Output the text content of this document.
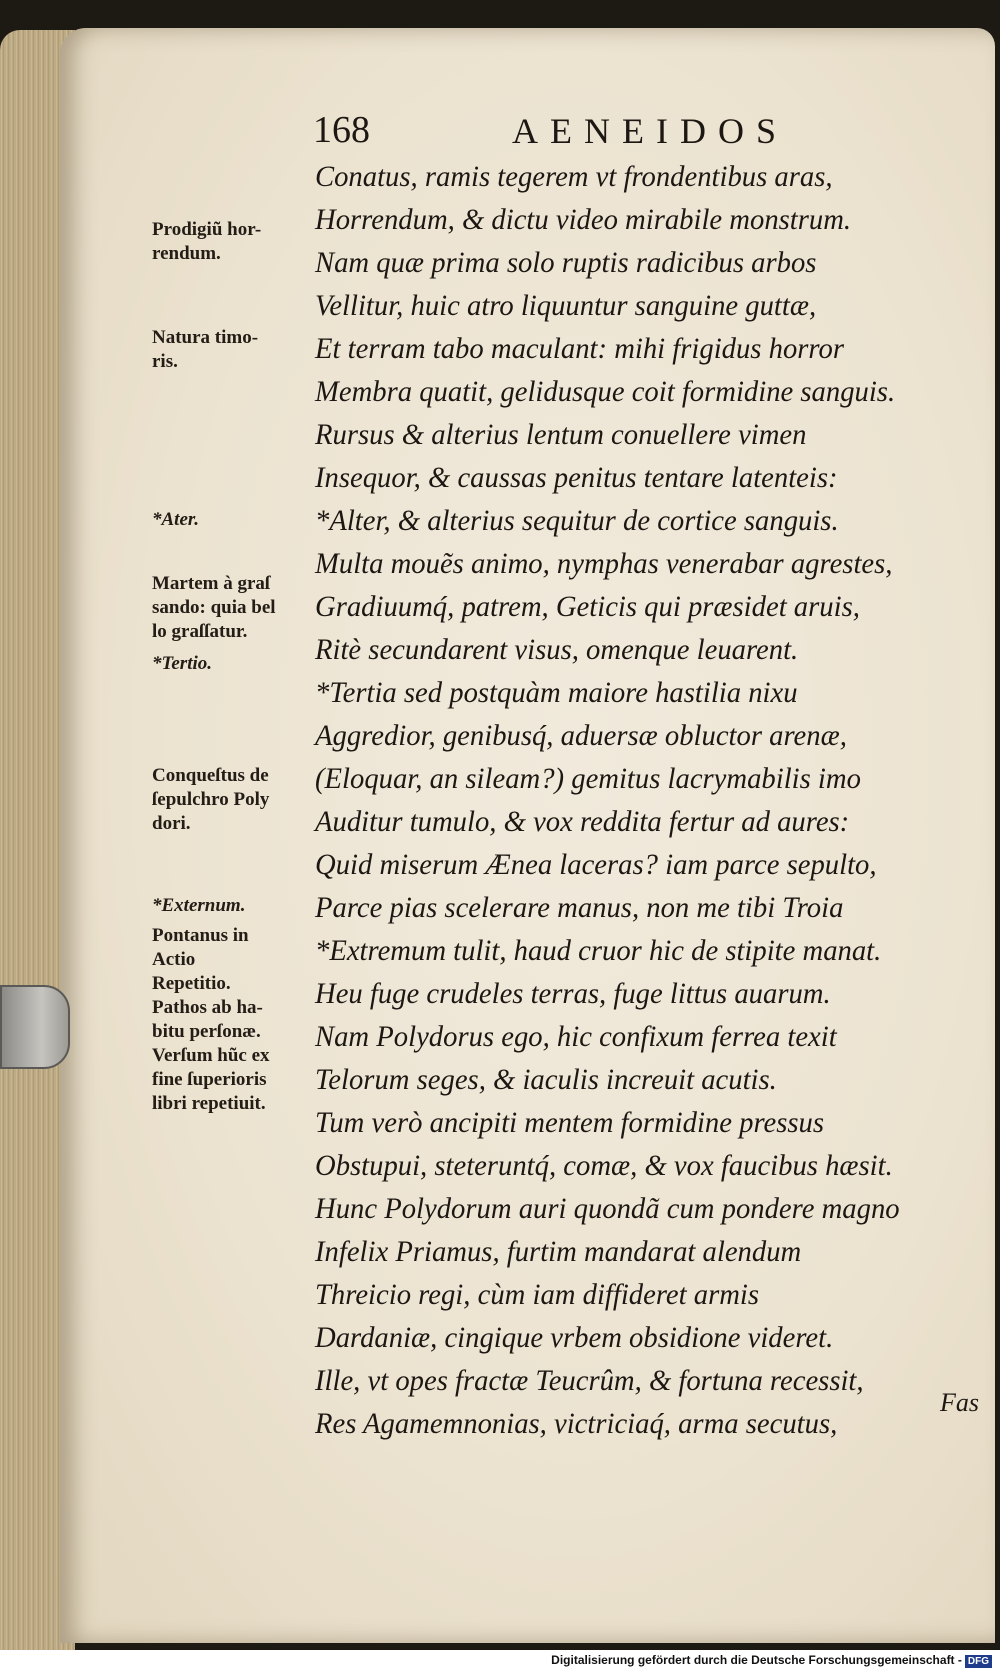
168	AENEIDOS
Conatus, ramis tegerem vt frondentibus aras,
Horrendum, & dictu video mirabile monstrum.
Nam quæ prima solo ruptis radicibus arbos
Vellitur, huic atro liquuntur sanguine guttæ,
Et terram tabo maculant: mihi frigidus horror
Membra quatit, gelidusque coit formidine sanguis.
Rursus & alterius lentum conuellere vimen
Insequor, & caussas penitus tentare latenteis:
*Alter, & alterius sequitur de cortice sanguis.
Multa mouẽs animo, nymphas venerabar agrestes,
Gradiuumq́, patrem, Geticis qui præsidet aruis,
Ritè secundarent visus, omenque leuarent.
*Tertia sed postquàm maiore hastilia nixu
Aggredior, genibusq́, aduersæ obluctor arenæ,
(Eloquar, an sileam?) gemitus lacrymabilis imo
Auditur tumulo, & vox reddita fertur ad aures:
Quid miserum Ænea laceras? iam parce sepulto,
Parce pias scelerare manus, non me tibi Troia
*Extremum tulit, haud cruor hic de stipite manat.
Heu fuge crudeles terras, fuge littus auarum.
Nam Polydorus ego, hic confixum ferrea texit
Telorum seges, & iaculis increuit acutis.
Tum verò ancipiti mentem formidine pressus
Obstupui, steteruntq́, comæ, & vox faucibus hæsit.
Hunc Polydorum auri quondã cum pondere magno
Infelix Priamus, furtim mandarat alendum
Threicio regi, cùm iam diffideret armis
Dardaniæ, cingique vrbem obsidione videret.
Ille, vt opes fractæ Teucrûm, & fortuna recessit,
Res Agamemnonias, victriciaq́, arma secutus,
Prodigiũ hor-
rendum.
Natura timo-
ris.
*Ater.
Martem à graſ
sando: quia bel
lo graſſatur.
*Tertio.
Conqueſtus de
ſepulchro Poly
dori.
*Externum.
Pontanus in
Actio
Repetitio.
Pathos ab ha-
bitu perſonæ.
Verſum hũc ex
fine ſuperioris
libri repetiuit.
Fas
Digitalisierung gefördert durch die Deutsche Forschungsgemeinschaft - DFG
